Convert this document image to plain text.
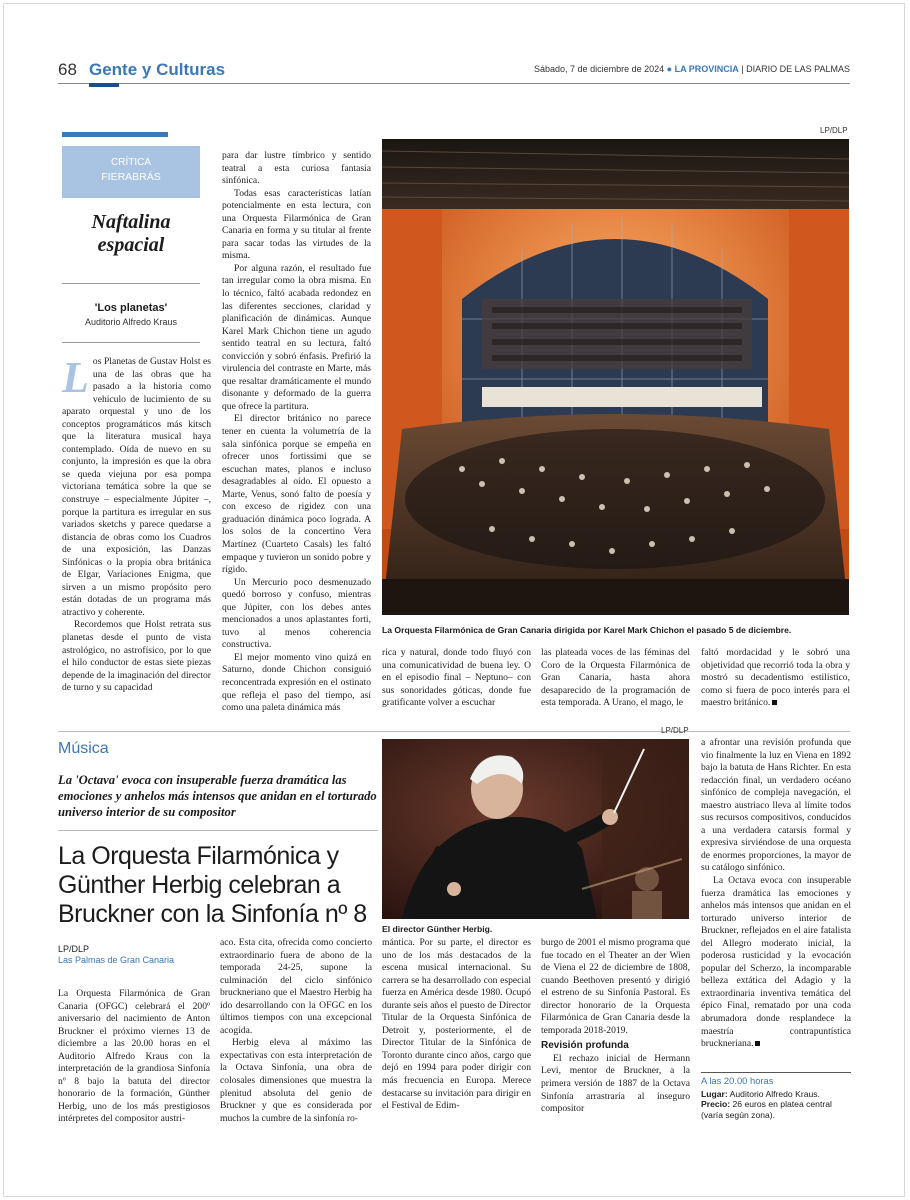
68 Gente y Culturas	Sábado, 7 de diciembre de 2024 ● LA PROVINCIA | DIARIO DE LAS PALMAS
CRÍTICA
FIERABRÁS
Naftalina
espacial
'Los planetas'
Auditorio Alfredo Kraus
L os Planetas de Gustav Holst es una de las obras que ha pasado a la historia como vehículo de lucimiento de su aparato orquestal y uno de los conceptos programáticos más kitsch que la literatura musical haya contemplado. Oída de nuevo en su conjunto, la impresión es que la obra se queda viejuna por esa pompa victoriana temática sobre la que se construye – especialmente Júpiter –, porque la partitura es irregular en sus variados sketchs y parece quedarse a distancia de obras como los Cuadros de una exposición, las Danzas Sinfónicas o la propia obra británica de Elgar, Variaciones Enigma, que sirven a un mismo propósito pero están dotadas de un programa más atractivo y coherente.

Recordemos que Holst retrata sus planetas desde el punto de vista astrológico, no astrofísico, por lo que el hilo conductor de estas siete piezas depende de la imaginación del director de turno y su capacidad

para dar lustre tímbrico y sentido teatral a esta curiosa fantasía sinfónica.

Todas esas características latían potencialmente en esta lectura, con una Orquesta Filarmónica de Gran Canaria en forma y su titular al frente para sacar todas las virtudes de la misma.

Por alguna razón, el resultado fue tan irregular como la obra misma. En lo técnico, faltó acabada redondez en las diferentes secciones, claridad y planificación de dinámicas. Aunque Karel Mark Chichon tiene un agudo sentido teatral en su lectura, faltó convicción y sobró énfasis. Prefirió la virulencia del contraste en Marte, más que resaltar dramáticamente el mundo disonante y deformado de la guerra que ofrece la partitura.

El director británico no parece tener en cuenta la volumetría de la sala sinfónica porque se empeña en ofrecer unos fortissimi que se escuchan mates, planos e incluso desagradables al oído. El opuesto a Marte, Venus, sonó falto de poesía y con exceso de rigidez con una graduación dinámica poco lograda. A los solos de la concertino Vera Martínez (Cuarteto Casals) les faltó empaque y tuvieron un sonido pobre y rígido.

Un Mercurio poco desmenuzado quedó borroso y confuso, mientras que Júpiter, con los debes antes mencionados a unos aplastantes forti, tuvo al menos coherencia constructiva.

El mejor momento vino quizá en Saturno, donde Chichon consiguió reconcentrada expresión en el ostinato que refleja el paso del tiempo, así como una paleta dinámica más

LP/DLP
La Orquesta Filarmónica de Gran Canaria dirigida por Karel Mark Chichon el pasado 5 de diciembre.

rica y natural, donde todo fluyó con una comunicatividad de buena ley. O en el episodio final – Neptuno– con sus sonoridades góticas, donde fue gratificante volver a escuchar

las plateada voces de las féminas del Coro de la Orquesta Filarmónica de Gran Canaria, hasta ahora desaparecido de la programación de esta temporada. A Urano, el mago, le

faltó mordacidad y le sobró una objetividad que recorrió toda la obra y mostró su decadentismo estilístico, como si fuera de poco interés para el maestro británico.

Música
La 'Octava' evoca con insuperable fuerza dramática las emociones y anhelos más intensos que anidan en el torturado universo interior de su compositor
La Orquesta Filarmónica y Günther Herbig celebran a Bruckner con la Sinfonía nº 8
LP/DLP
Las Palmas de Gran Canaria

La Orquesta Filarmónica de Gran Canaria (OFGC) celebrará el 200º aniversario del nacimiento de Anton Bruckner el próximo viernes 13 de diciembre a las 20.00 horas en el Auditorio Alfredo Kraus con la interpretación de la grandiosa Sinfonía nº 8 bajo la batuta del director honorario de la formación, Günther Herbig, uno de los más prestigiosos intérpretes del compositor austri-

aco. Esta cita, ofrecida como concierto extraordinario fuera de abono de la temporada 24-25, supone la culminación del ciclo sinfónico bruckneriano que el Maestro Herbig ha ido desarrollando con la OFGC en los últimos tiempos con una excepcional acogida.

Herbig eleva al máximo las expectativas con esta interpretación de la Octava Sinfonía, una obra de colosales dimensiones que muestra la plenitud absoluta del genio de Bruckner y que es considerada por muchos la cumbre de la sinfonía ro-

mántica. Por su parte, el director es uno de los más destacados de la escena musical internacional. Su carrera se ha desarrollado con especial fuerza en América desde 1980. Ocupó durante seis años el puesto de Director Titular de la Orquesta Sinfónica de Detroit y, posteriormente, el de Director Titular de la Sinfónica de Toronto durante cinco años, cargo que dejó en 1994 para poder dirigir con más frecuencia en Europa. Merece destacarse su invitación para dirigir en el Festival de Edim-

burgo de 2001 el mismo programa que fue tocado en el Theater an der Wien de Viena el 22 de diciembre de 1808, cuando Beethoven presentó y dirigió el estreno de su Sinfonía Pastoral. Es director honorario de la Orquesta Filarmónica de Gran Canaria desde la temporada 2018-2019.

Revisión profunda

El rechazo inicial de Hermann Levi, mentor de Bruckner, a la primera versión de 1887 de la Octava Sinfonía arrastraría al inseguro compositor

LP/DLP
El director Günther Herbig.

a afrontar una revisión profunda que vio finalmente la luz en Viena en 1892 bajo la batuta de Hans Richter. En esta redacción final, un verdadero océano sinfónico de compleja navegación, el maestro austriaco lleva al límite todos sus recursos compositivos, conducidos a una verdadera catarsis formal y expresiva sirviéndose de una orquesta de enormes proporciones, la mayor de su catálogo sinfónico.

La Octava evoca con insuperable fuerza dramática las emociones y anhelos más intensos que anidan en el torturado universo interior de Bruckner, reflejados en el aire fatalista del Allegro moderato inicial, la poderosa rusticidad y la evocación popular del Scherzo, la incomparable belleza extática del Adagio y la extraordinaria inventiva temática del épico Final, rematado por una coda abrumadora donde resplandece la maestría contrapuntística bruckneriana.

A las 20.00 horas
Lugar: Auditorio Alfredo Kraus.
Precio: 26 euros en platea central (varía según zona).
